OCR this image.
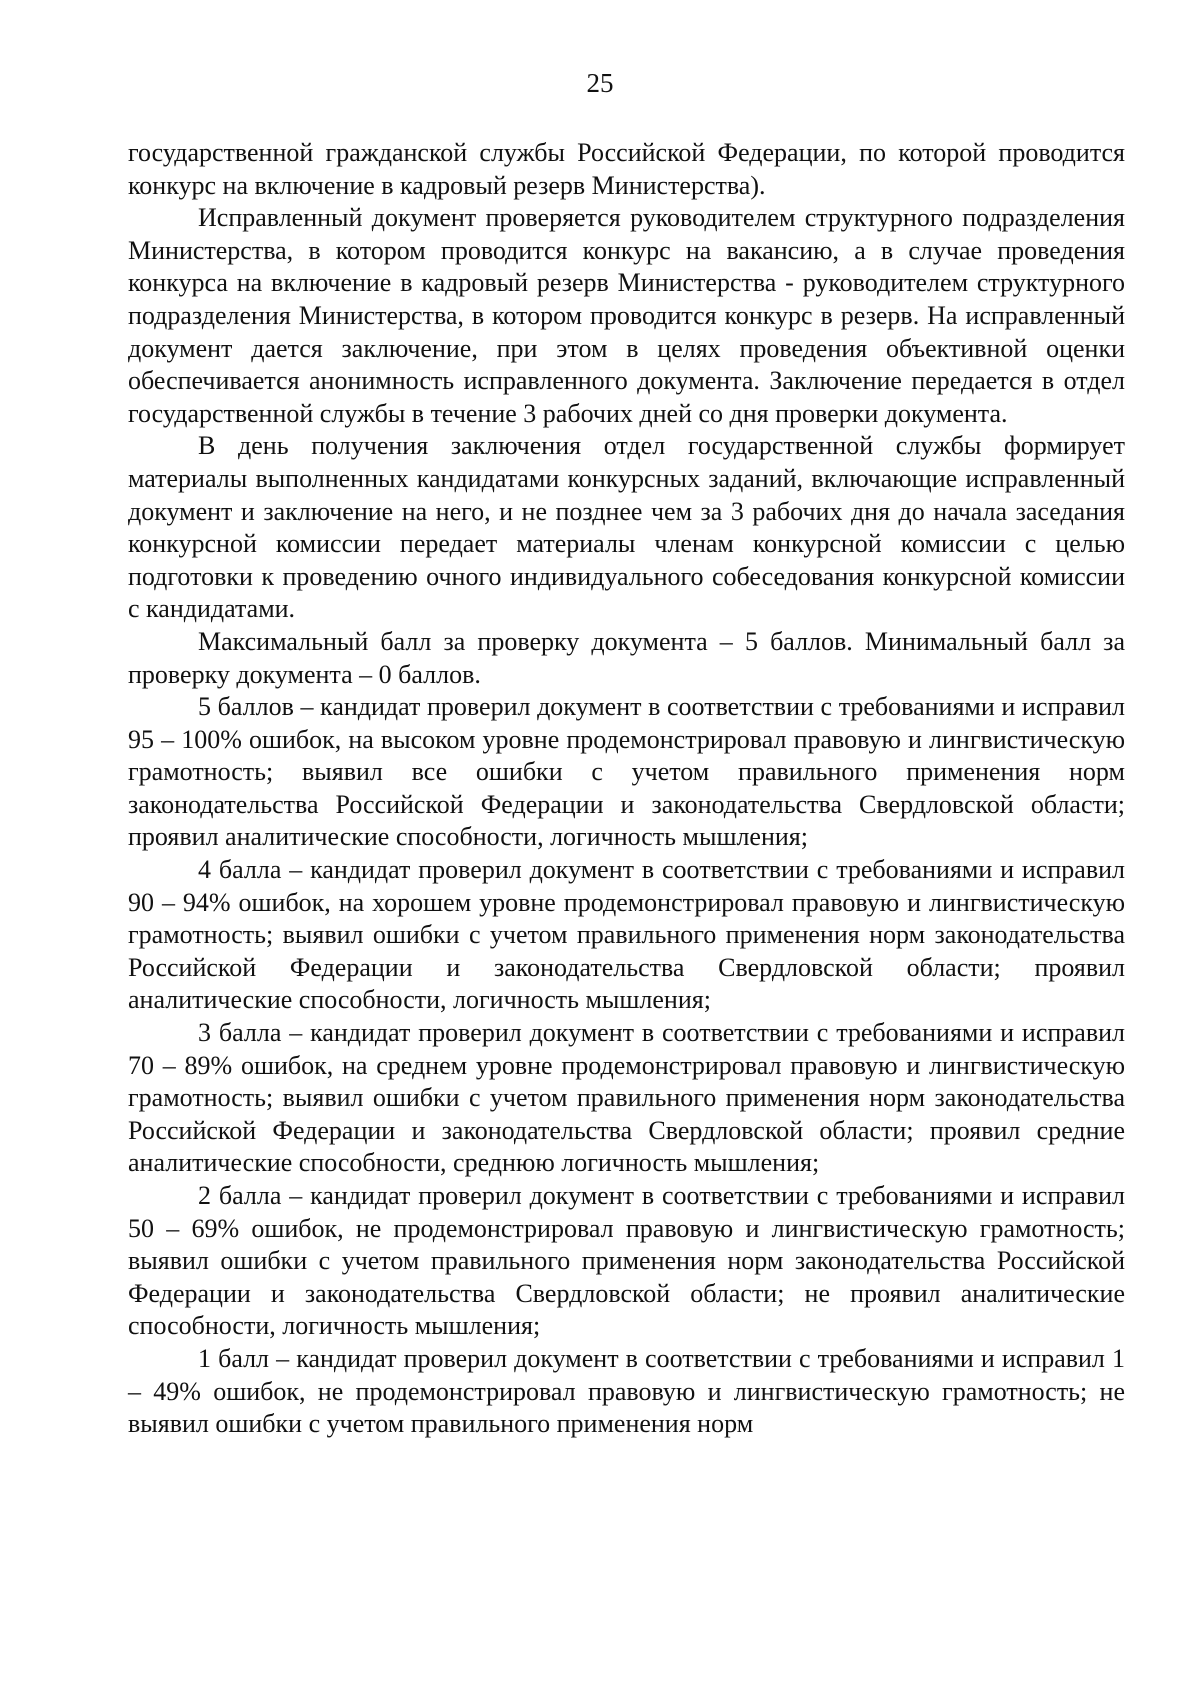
25

государственной гражданской службы Российской Федерации, по которой проводится конкурс на включение в кадровый резерв Министерства).

Исправленный документ проверяется руководителем структурного подразделения Министерства, в котором проводится конкурс на вакансию, а в случае проведения конкурса на включение в кадровый резерв Министерства - руководителем структурного подразделения Министерства, в котором проводится конкурс в резерв. На исправленный документ дается заключение, при этом в целях проведения объективной оценки обеспечивается анонимность исправленного документа. Заключение передается в отдел государственной службы в течение 3 рабочих дней со дня проверки документа.

В день получения заключения отдел государственной службы формирует материалы выполненных кандидатами конкурсных заданий, включающие исправленный документ и заключение на него, и не позднее чем за 3 рабочих дня до начала заседания конкурсной комиссии передает материалы членам конкурсной комиссии с целью подготовки к проведению очного индивидуального собеседования конкурсной комиссии с кандидатами.

Максимальный балл за проверку документа – 5 баллов. Минимальный балл за проверку документа – 0 баллов.

5 баллов – кандидат проверил документ в соответствии с требованиями и исправил 95 – 100% ошибок, на высоком уровне продемонстрировал правовую и лингвистическую грамотность; выявил все ошибки с учетом правильного применения норм законодательства Российской Федерации и законодательства Свердловской области; проявил аналитические способности, логичность мышления;

4 балла – кандидат проверил документ в соответствии с требованиями и исправил 90 – 94% ошибок, на хорошем уровне продемонстрировал правовую и лингвистическую грамотность; выявил ошибки с учетом правильного применения норм законодательства Российской Федерации и законодательства Свердловской области; проявил аналитические способности, логичность мышления;

3 балла – кандидат проверил документ в соответствии с требованиями и исправил 70 – 89% ошибок, на среднем уровне продемонстрировал правовую и лингвистическую грамотность; выявил ошибки с учетом правильного применения норм законодательства Российской Федерации и законодательства Свердловской области; проявил средние аналитические способности, среднюю логичность мышления;

2 балла – кандидат проверил документ в соответствии с требованиями и исправил 50 – 69% ошибок, не продемонстрировал правовую и лингвистическую грамотность; выявил ошибки с учетом правильного применения норм законодательства Российской Федерации и законодательства Свердловской области; не проявил аналитические способности, логичность мышления;

1 балл – кандидат проверил документ в соответствии с требованиями и исправил 1 – 49% ошибок, не продемонстрировал правовую и лингвистическую грамотность; не выявил ошибки с учетом правильного применения норм
